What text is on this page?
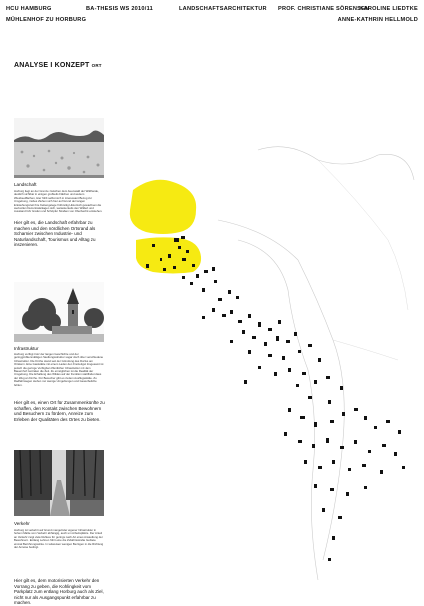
HCU HAMBURG	BA-THESIS WS 2010/11	LANDSCHAFTSARCHITEKTUR PROF. CHRISTIANE SÖRENSEN
KAROLINE LIEDTKE
MÜHLENHOF ZU HORBURG	ANNE-KATHRIN HELLMOLD
ANALYSE I KONZEPT ORT
Landschaft
Horburg liegt an der Grenze zwischen dem Auenwald der Wildheide, deutlich sichtbar in einigen großteils Flächen und weitem Wiesbeetflächen, Hier fühlt selbst sich in interessant Bezug zur Umgebung, insbes Ziehen sich hier auf Grund der langen Entstehungszeit ihre Kettengelege frühzeitig Historisch gewachsen die wertvollen Dezentralanlagen sich, weitestenteils den Wildert und Ausstand fuhr Grafen und Schöpfer Straßen von Oberbezirk entstehen.
Hier gilt es, die Landschaft erfahrbar zu machen und den nördlichen Ortsrand als Scharnier zwischen Industrie- und Naturlandschaft, Tourismus und Alltag zu inszenieren.
Infrastruktur
Horburg verfügt trotz der langen Geschichte und der geringgrößtenmäßigen Siedlungsstruktur sogar doch über verschiedene Infrastruktur. Die Kirche stand seit der Gründung des Dorfes am Ortskern. Eine Gaststätte mit einem Laden den Freizeitgut Insgesamt ist jedoch die geringe Verfügbar öffentlicher Infrastruktur mit Jam Bauernhof zentralen die Zeit. Zu ermöglichen ist die Realität der Umgebung. Die Erhaltung des Wildes auf der Funktion stattfindet dass der Weg an Kirche. Für Besucher gibt es zudem Ausflugsstätte. Zu Radfahrwegen stehen nur wenige Umgebungen und Gewerbeliche fehlen.
Hier gilt es, einen Ort für Zusammenkünfte zu schaffen, den Kontakt zwischen Bewohnern und Besuchern zu fördern, Anreize zum Erleben der Qualitäten des Ortes zu bieten.
Verkehr
Horburg ist verkehrt auf Grund mangelnder eigener Infrastruktur in hohem Maße vom Verkehr abhängig, auch um Arbeitsplätze. Der Anteil an Verkehr zeigt viele Reflexe für gerings nach Art eines Ansiedlung der Bewohnern. Entlang Lehnen führt eine die Zufahrtsstraße Gebiete einmal Berührungswirke. In teilweisen wenigen Bezügen in die Richtung der Anreise bedingt.
Hier gilt es, dem motorisierten Verkehr den Vorrang zu geben, die Kohlingkeit vom Parkplatz zum entlang Horburg auch als Ziel, nicht nur als Ausgangspunkt erfahrbar zu machen.
